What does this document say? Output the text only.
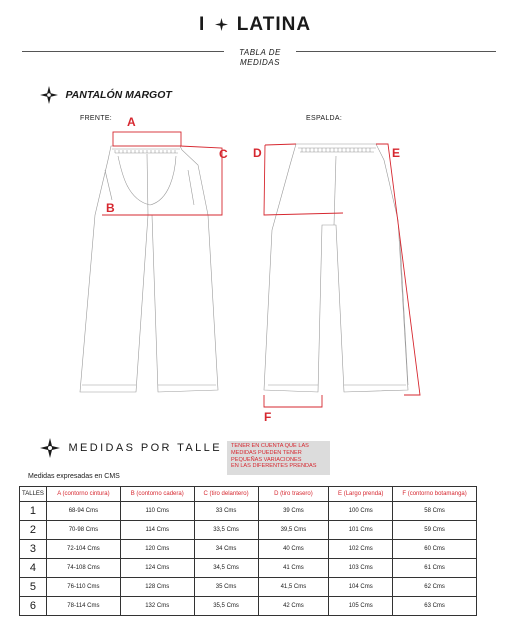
I LATINA
TABLA DE
MEDIDAS
PANTALÓN MARGOT
FRENTE:	ESPALDA:
A
B
C D	E
F
MEDIDAS POR TALLE TENER EN CUENTA QUE LAS
MEDIDAS PUEDEN TENER
PEQUEÑAS VARIACIONES
EN LAS DIFERENTES PRENDAS
Medidas expresadas en CMS
TALLES	A (contorno cintura)	B (contorno cadera)	C (tiro delantero)	D (tiro trasero)	E (Largo prenda)	F (contorno botamanga)
1	68-94 Cms	110 Cms	33 Cms	39 Cms	100 Cms	58 Cms
2	70-98 Cms	114 Cms	33,5 Cms	39,5 Cms	101 Cms	59 Cms
3	72-104 Cms	120 Cms	34 Cms	40 Cms	102 Cms	60 Cms
4	74-108 Cms	124 Cms	34,5 Cms	41 Cms	103 Cms	61 Cms
5	76-110 Cms	128 Cms	35 Cms	41,5 Cms	104 Cms	62 Cms
6	78-114 Cms	132 Cms	35,5 Cms	42 Cms	105 Cms	63 Cms
